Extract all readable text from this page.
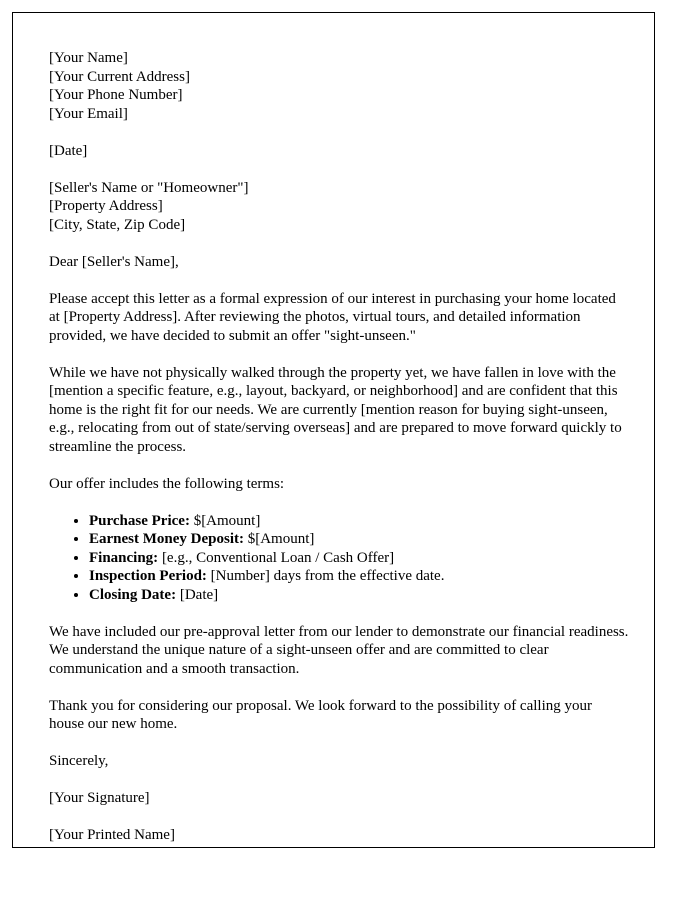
[Your Name]
[Your Current Address]
[Your Phone Number]
[Your Email]
[Date]
[Seller's Name or "Homeowner"]
[Property Address]
[City, State, Zip Code]

Dear [Seller's Name],

Please accept this letter as a formal expression of our interest in purchasing your home located at [Property Address]. After reviewing the photos, virtual tours, and detailed information provided, we have decided to submit an offer "sight-unseen."

While we have not physically walked through the property yet, we have fallen in love with the [mention a specific feature, e.g., layout, backyard, or neighborhood] and are confident that this home is the right fit for our needs. We are currently [mention reason for buying sight-unseen, e.g., relocating from out of state/serving overseas] and are prepared to move forward quickly to streamline the process.

Our offer includes the following terms:

• Purchase Price: $[Amount]
• Earnest Money Deposit: $[Amount]
• Financing: [e.g., Conventional Loan / Cash Offer]
• Inspection Period: [Number] days from the effective date.
• Closing Date: [Date]

We have included our pre-approval letter from our lender to demonstrate our financial readiness. We understand the unique nature of a sight-unseen offer and are committed to clear communication and a smooth transaction.

Thank you for considering our proposal. We look forward to the possibility of calling your house our new home.

Sincerely,

[Your Signature]

[Your Printed Name]
